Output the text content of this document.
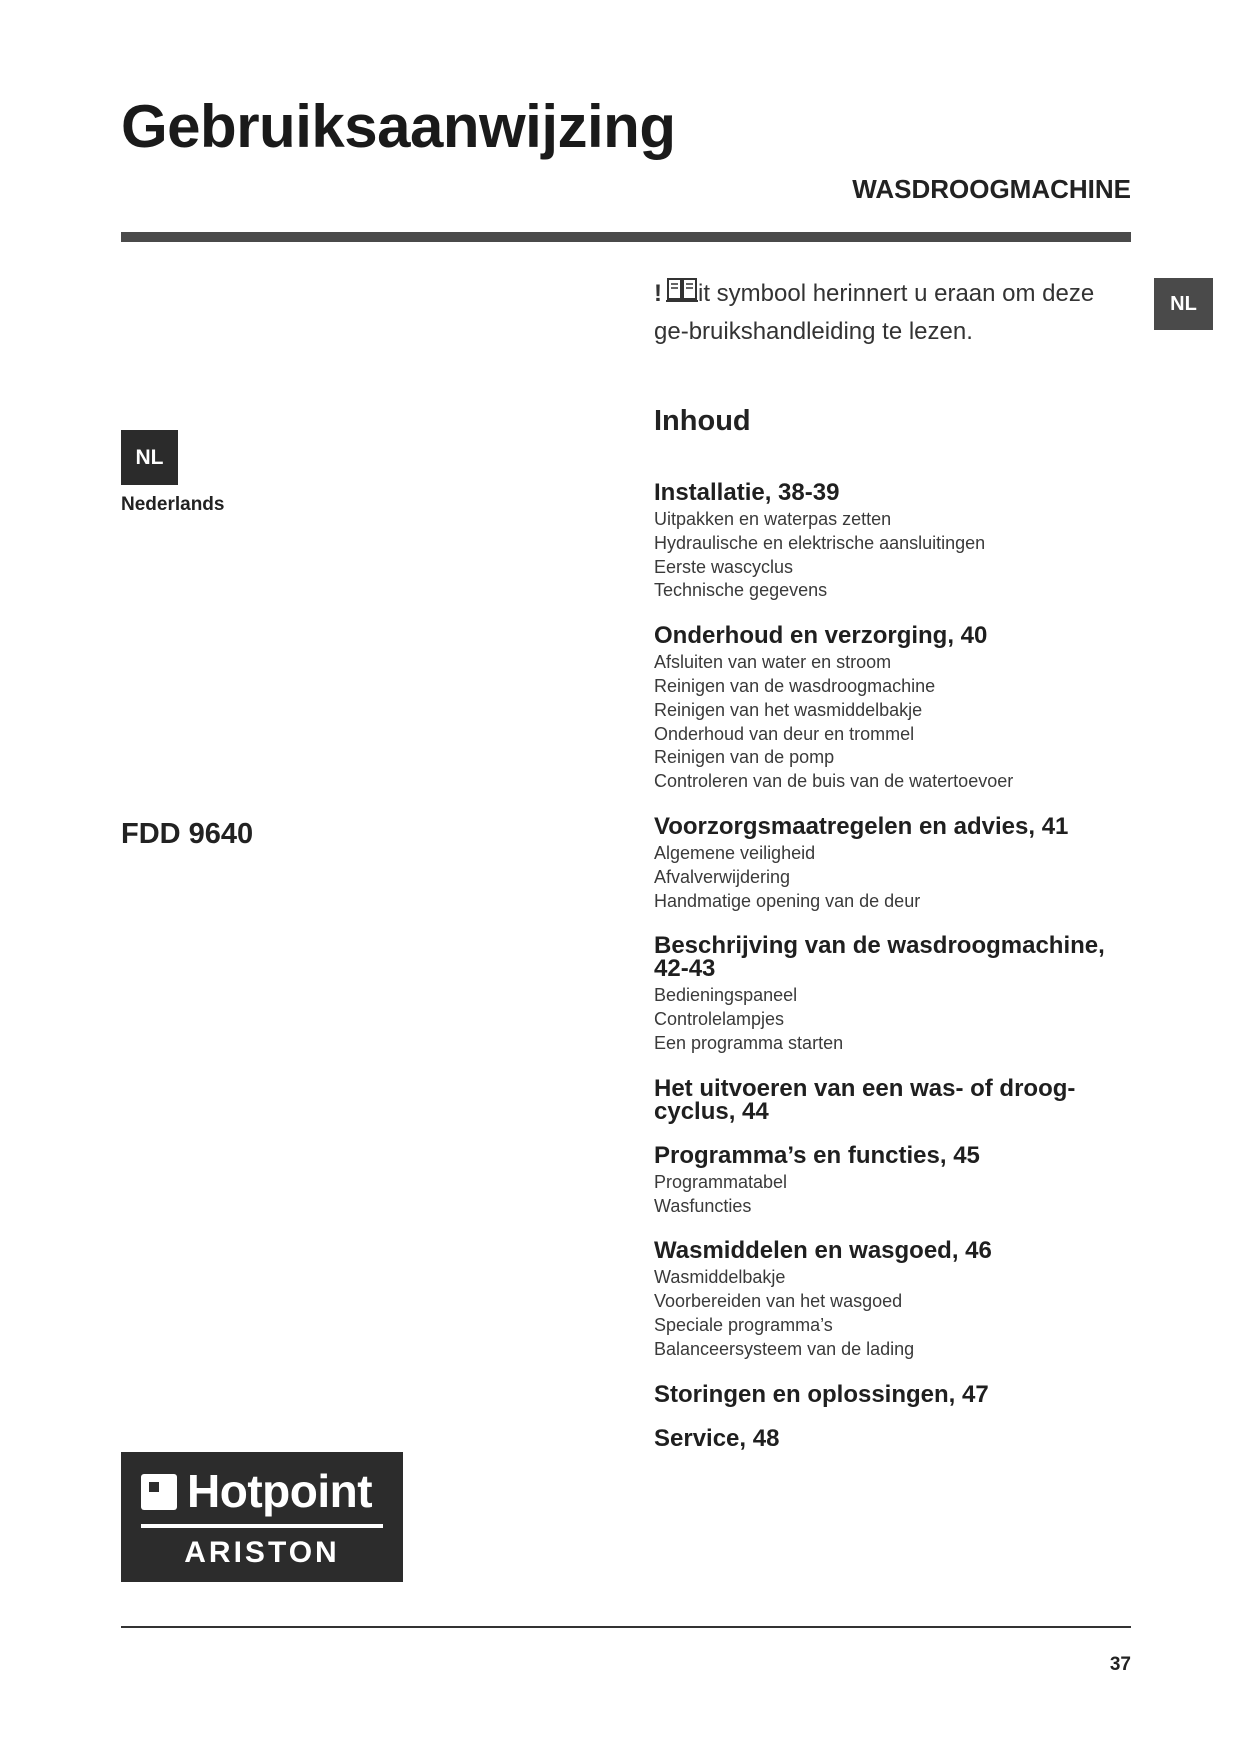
Gebruiksaanwijzing
WASDROOGMACHINE
NL
! it symbool herinnert u eraan om deze ge-bruikshandleiding te lezen.
NL
Nederlands
FDD 9640
Inhoud
Installatie, 38-39
Uitpakken en waterpas zetten
Hydraulische en elektrische aansluitingen
Eerste wascyclus
Technische gegevens
Onderhoud en verzorging, 40
Afsluiten van water en stroom
Reinigen van de wasdroogmachine
Reinigen van het wasmiddelbakje
Onderhoud van deur en trommel
Reinigen van de pomp
Controleren van de buis van de watertoevoer
Voorzorgsmaatregelen en advies, 41
Algemene veiligheid
Afvalverwijdering
Handmatige opening van de deur
Beschrijving van de wasdroogmachine, 42-43
Bedieningspaneel
Controlelampjes
Een programma starten
Het uitvoeren van een was- of droog-cyclus, 44
Programma’s en functies, 45
Programmatabel
Wasfuncties
Wasmiddelen en wasgoed, 46
Wasmiddelbakje
Voorbereiden van het wasgoed
Speciale programma’s
Balanceersysteem van de lading
Storingen en oplossingen, 47
Service, 48
Hotpoint
ARISTON
37
